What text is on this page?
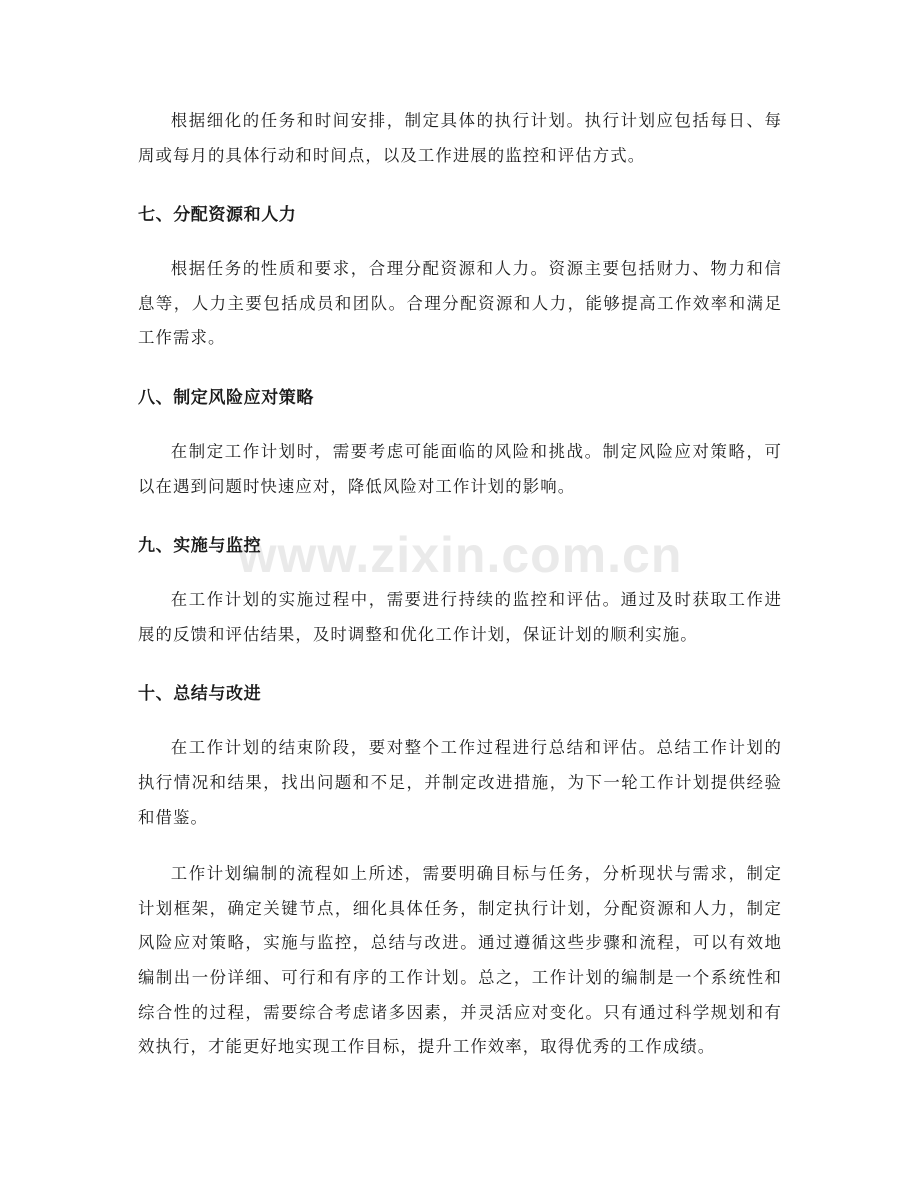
www.zixin.com.cn

根据细化的任务和时间安排，制定具体的执行计划。执行计划应包括每日、每周或每月的具体行动和时间点，以及工作进展的监控和评估方式。

七、分配资源和人力

根据任务的性质和要求，合理分配资源和人力。资源主要包括财力、物力和信息等，人力主要包括成员和团队。合理分配资源和人力，能够提高工作效率和满足工作需求。

八、制定风险应对策略

在制定工作计划时，需要考虑可能面临的风险和挑战。制定风险应对策略，可以在遇到问题时快速应对，降低风险对工作计划的影响。

九、实施与监控

在工作计划的实施过程中，需要进行持续的监控和评估。通过及时获取工作进展的反馈和评估结果，及时调整和优化工作计划，保证计划的顺利实施。

十、总结与改进

在工作计划的结束阶段，要对整个工作过程进行总结和评估。总结工作计划的执行情况和结果，找出问题和不足，并制定改进措施，为下一轮工作计划提供经验和借鉴。

工作计划编制的流程如上所述，需要明确目标与任务，分析现状与需求，制定计划框架，确定关键节点，细化具体任务，制定执行计划，分配资源和人力，制定风险应对策略，实施与监控，总结与改进。通过遵循这些步骤和流程，可以有效地编制出一份详细、可行和有序的工作计划。总之，工作计划的编制是一个系统性和综合性的过程，需要综合考虑诸多因素，并灵活应对变化。只有通过科学规划和有效执行，才能更好地实现工作目标，提升工作效率，取得优秀的工作成绩。
